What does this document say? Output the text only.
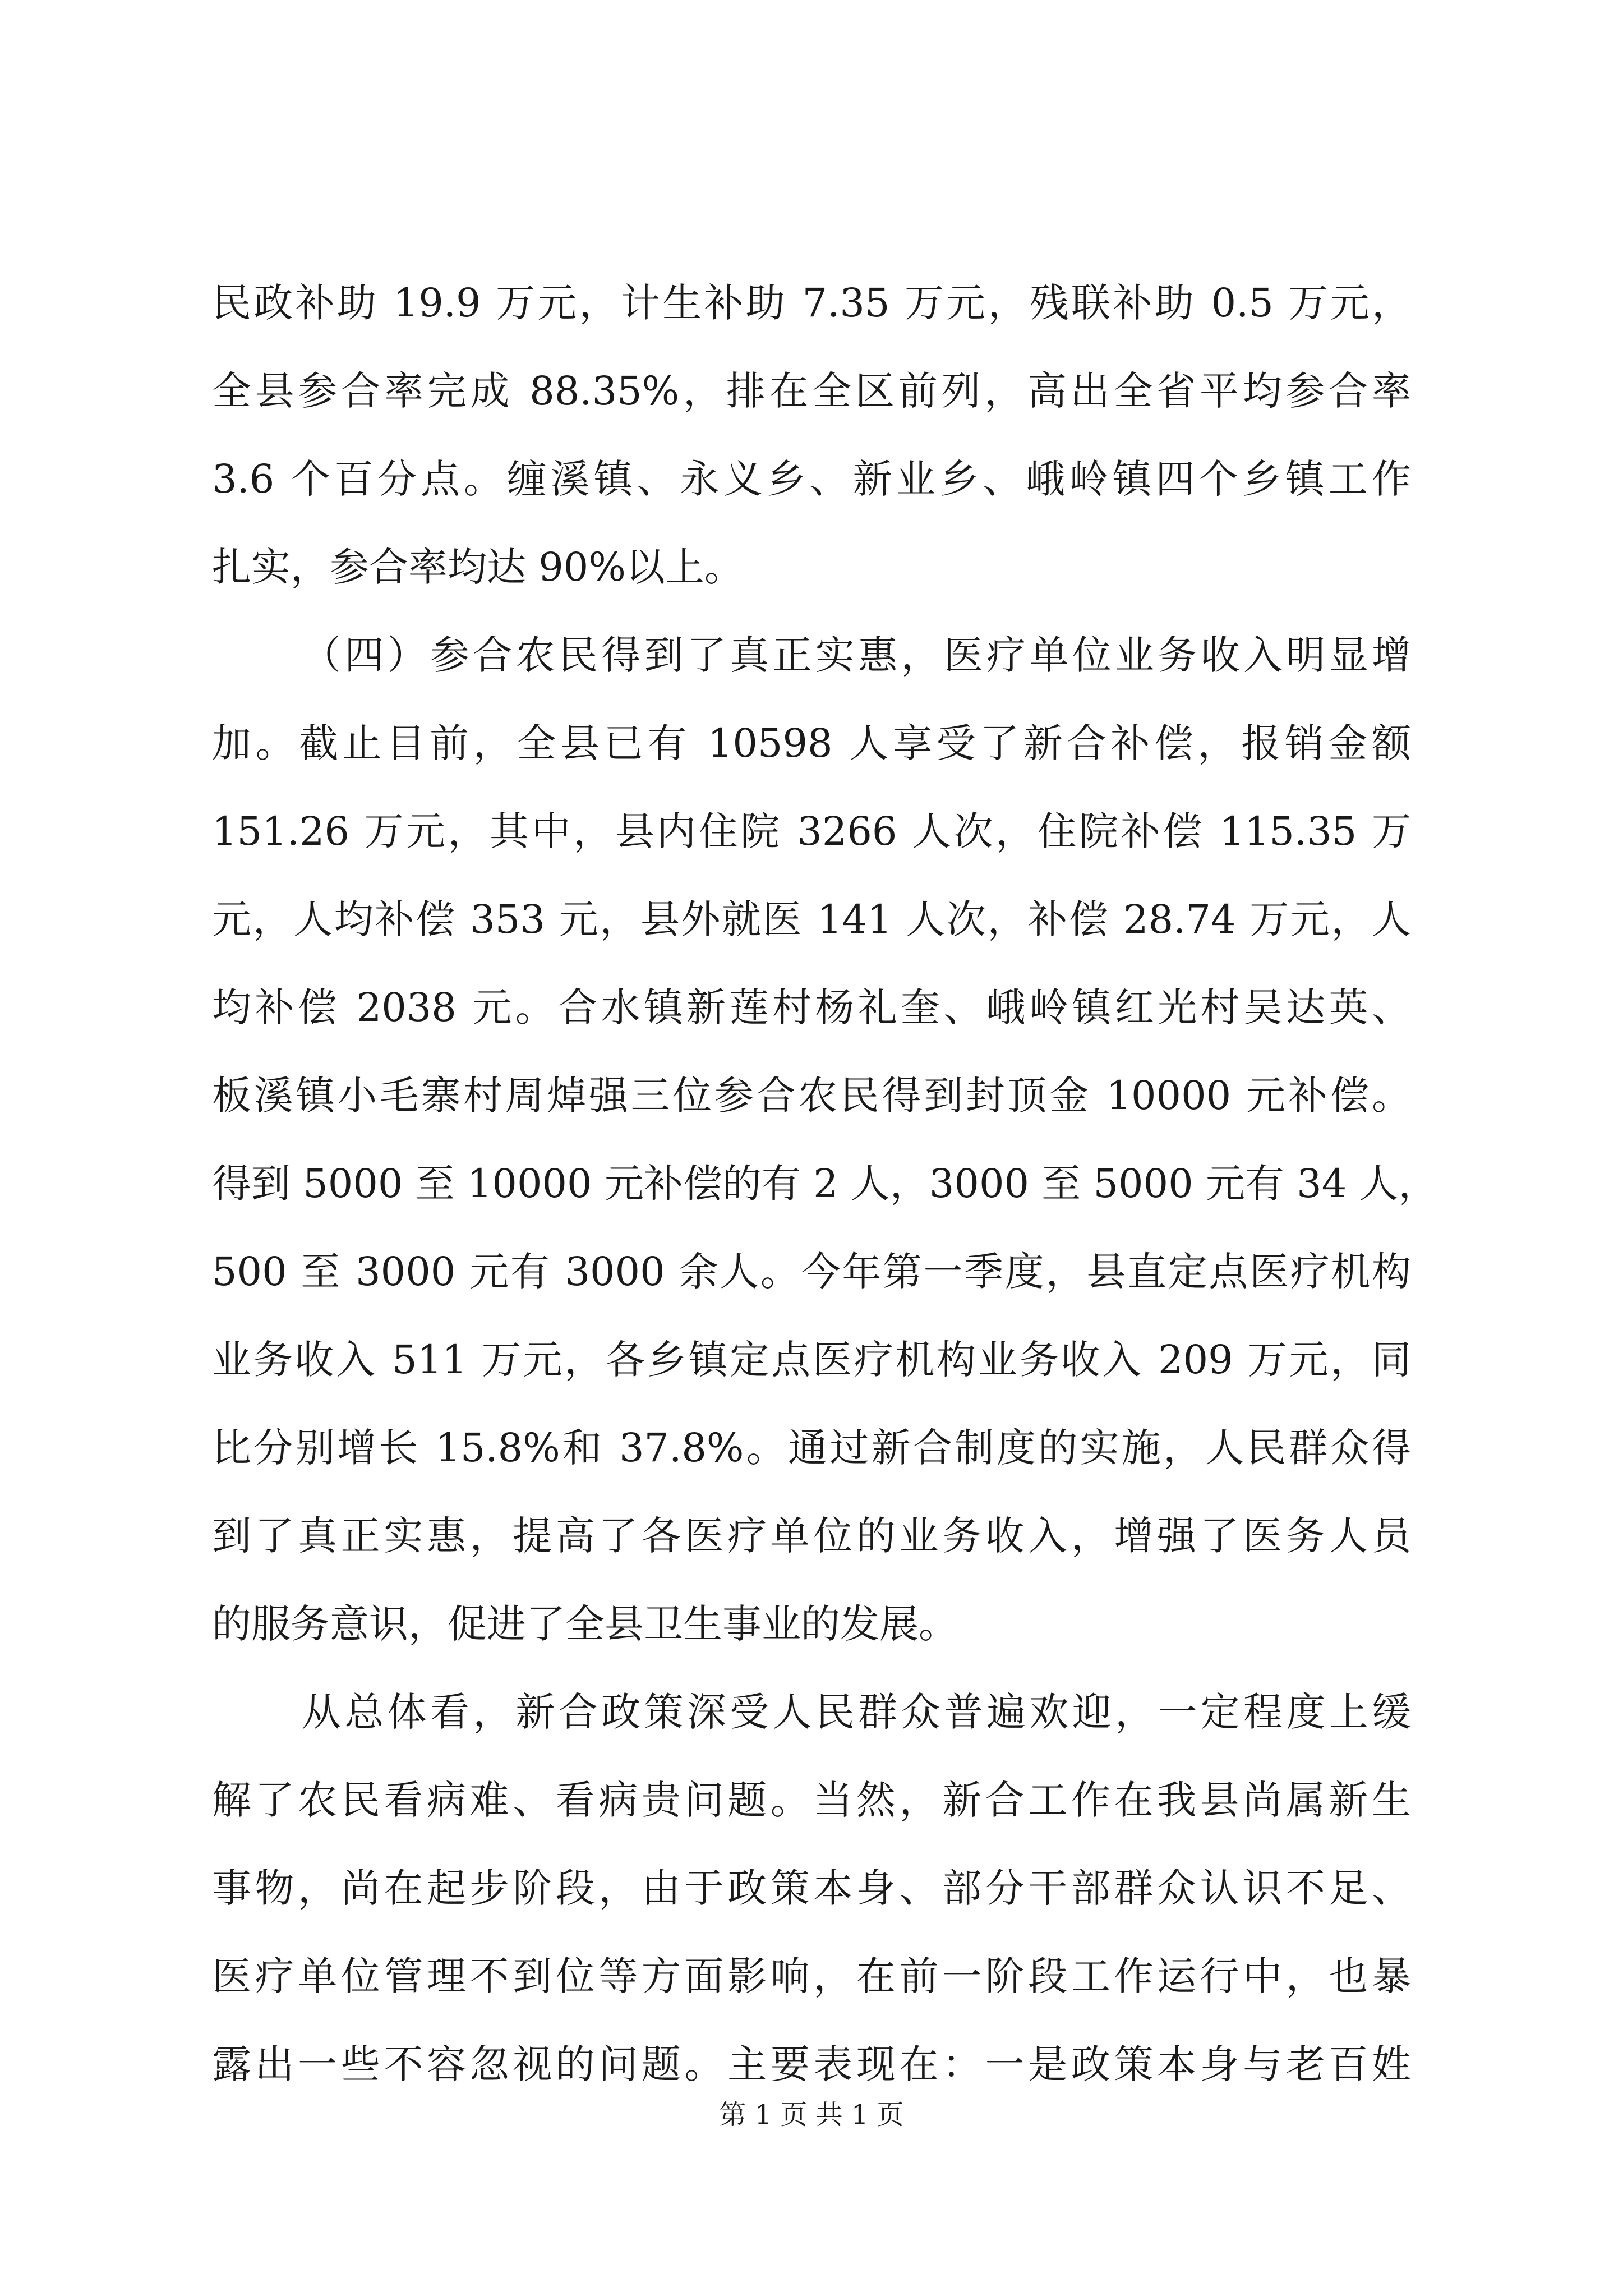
民政补助 19.9 万元，计生补助 7.35 万元，残联补助 0.5 万元，
全县参合率完成 88.35%，排在全区前列，高出全省平均参合率
3.6 个百分点。缠溪镇、永义乡、新业乡、峨岭镇四个乡镇工作
扎实，参合率均达 90%以上。
（四）参合农民得到了真正实惠，医疗单位业务收入明显增
加。截止目前，全县已有 10598 人享受了新合补偿，报销金额
151.26 万元，其中，县内住院 3266 人次，住院补偿 115.35 万
元，人均补偿 353 元，县外就医 141 人次，补偿 28.74 万元，人
均补偿 2038 元。合水镇新莲村杨礼奎、峨岭镇红光村吴达英、
板溪镇小毛寨村周焯强三位参合农民得到封顶金 10000 元补偿。
得到 5000 至 10000 元补偿的有 2 人，3000 至 5000 元有 34 人，
500 至 3000 元有 3000 余人。今年第一季度，县直定点医疗机构
业务收入 511 万元，各乡镇定点医疗机构业务收入 209 万元，同
比分别增长 15.8%和 37.8%。通过新合制度的实施，人民群众得
到了真正实惠，提高了各医疗单位的业务收入，增强了医务人员
的服务意识，促进了全县卫生事业的发展。
从总体看，新合政策深受人民群众普遍欢迎，一定程度上缓
解了农民看病难、看病贵问题。当然，新合工作在我县尚属新生
事物，尚在起步阶段，由于政策本身、部分干部群众认识不足、
医疗单位管理不到位等方面影响，在前一阶段工作运行中，也暴
露出一些不容忽视的问题。主要表现在：一是政策本身与老百姓
第 1 页 共 1 页
